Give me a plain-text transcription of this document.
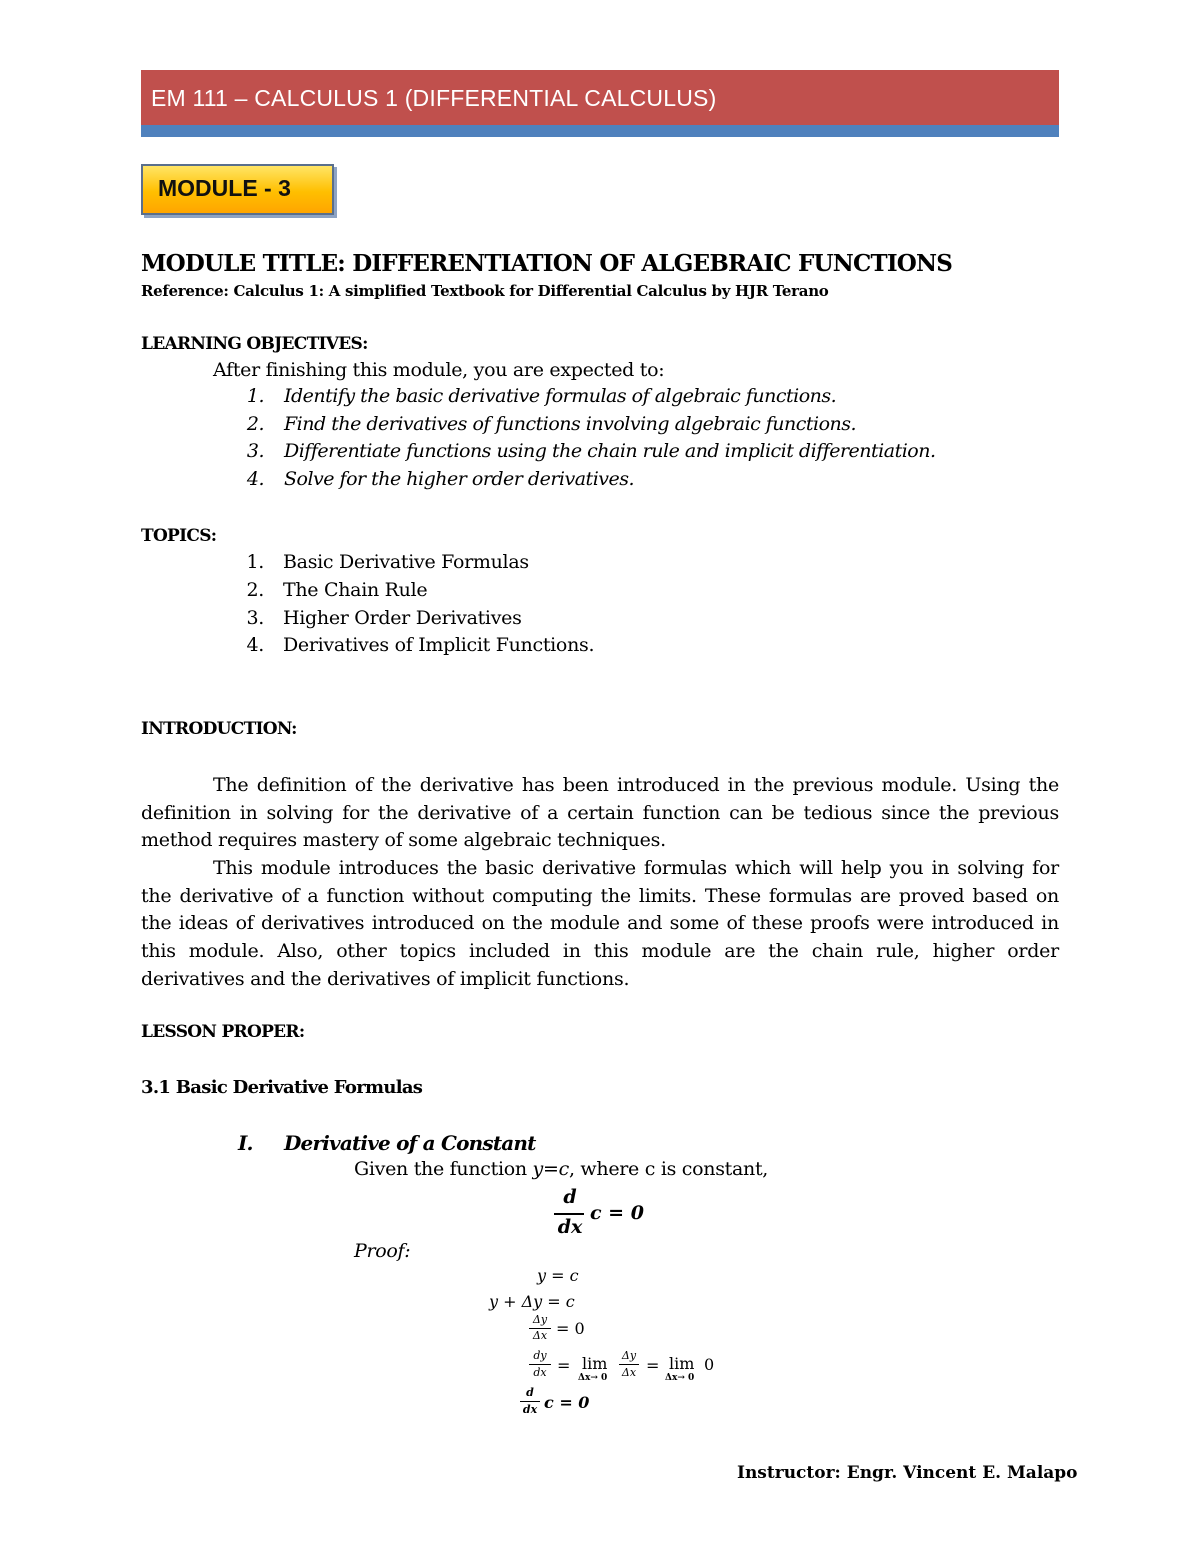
EM 111 – CALCULUS 1 (DIFFERENTIAL CALCULUS)
MODULE - 3
MODULE TITLE: DIFFERENTIATION OF ALGEBRAIC FUNCTIONS
Reference: Calculus 1: A simplified Textbook for Differential Calculus by HJR Terano
LEARNING OBJECTIVES:
After finishing this module, you are expected to:
1. Identify the basic derivative formulas of algebraic functions.
2. Find the derivatives of functions involving algebraic functions.
3. Differentiate functions using the chain rule and implicit differentiation.
4. Solve for the higher order derivatives.
TOPICS:
1. Basic Derivative Formulas
2. The Chain Rule
3. Higher Order Derivatives
4. Derivatives of Implicit Functions.
INTRODUCTION:

The definition of the derivative has been introduced in the previous module. Using the definition in solving for the derivative of a certain function can be tedious since the previous method requires mastery of some algebraic techniques.

This module introduces the basic derivative formulas which will help you in solving for the derivative of a function without computing the limits. These formulas are proved based on the ideas of derivatives introduced on the module and some of these proofs were introduced in this module. Also, other topics included in this module are the chain rule, higher order derivatives and the derivatives of implicit functions.

LESSON PROPER:
3.1 Basic Derivative Formulas
I. Derivative of a Constant
Given the function y=c, where c is constant,
d
dx
c = 0
Proof:
y = c
y + Δy = c
Δy
Δx = 0
dy
dx = lim
Δx→ 0
Δy
Δx = lim
Δx→ 0
0
d
dx c = 0
Instructor: Engr. Vincent E. Malapo
